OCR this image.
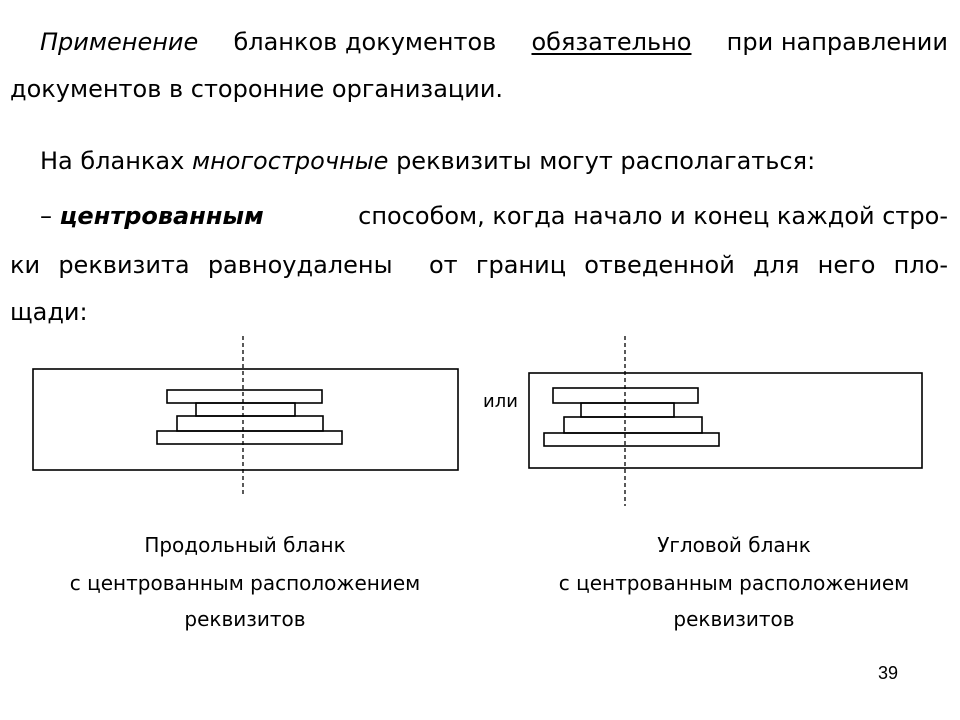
Применение бланков документов обязательно при направлении

документов в сторонние организации.

На бланках многострочные реквизиты могут располагаться:

– центрованным	способом, когда начало и конец каждой стро-
ки реквизита равноудалены  от границ отведенной для него пло-

щади:

или
Продольный бланк
с центрованным расположением
реквизитов
Угловой бланк
с центрованным расположением
реквизитов
39
